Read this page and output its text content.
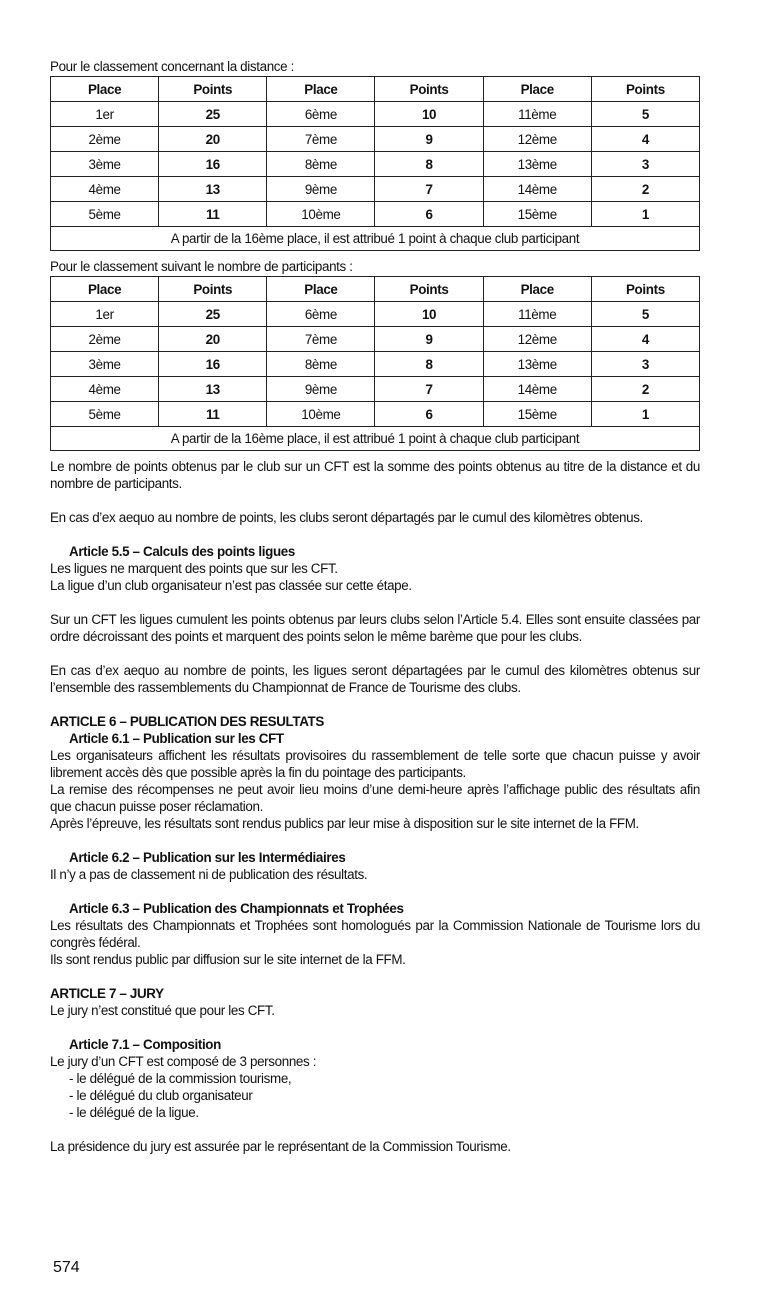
Pour le classement concernant la distance :

Place	Points	Place	Points	Place	Points
1er	25	6ème	10	11ème	5
2ème	20	7ème	9	12ème	4
3ème	16	8ème	8	13ème	3
4ème	13	9ème	7	14ème	2
5ème	11	10ème	6	15ème	1
A partir de la 16ème place, il est attribué 1 point à chaque club participant					

Pour le classement suivant le nombre de participants :

Place	Points	Place	Points	Place	Points
1er	25	6ème	10	11ème	5
2ème	20	7ème	9	12ème	4
3ème	16	8ème	8	13ème	3
4ème	13	9ème	7	14ème	2
5ème	11	10ème	6	15ème	1
A partir de la 16ème place, il est attribué 1 point à chaque club participant					

Le nombre de points obtenus par le club sur un CFT est la somme des points obtenus au titre de la distance et du nombre de participants.

En cas d’ex aequo au nombre de points, les clubs seront départagés par le cumul des kilomètres obtenus.

Article 5.5 – Calculs des points ligues

Les ligues ne marquent des points que sur les CFT.

La ligue d’un club organisateur n’est pas classée sur cette étape.

Sur un CFT les ligues cumulent les points obtenus par leurs clubs selon l’Article 5.4. Elles sont ensuite classées par ordre décroissant des points et marquent des points selon le même barème que pour les clubs.

En cas d’ex aequo au nombre de points, les ligues seront départagées par le cumul des kilomètres obtenus sur l’ensemble des rassemblements du Championnat de France de Tourisme des clubs.

ARTICLE 6 – PUBLICATION DES RESULTATS

Article 6.1 – Publication sur les CFT

Les organisateurs affichent les résultats provisoires du rassemblement de telle sorte que chacun puisse y avoir librement accès dès que possible après la fin du pointage des participants.

La remise des récompenses ne peut avoir lieu moins d’une demi-heure après l’affichage public des résultats afin que chacun puisse poser réclamation.

Après l’épreuve, les résultats sont rendus publics par leur mise à disposition sur le site internet de la FFM.

Article 6.2 – Publication sur les Intermédiaires

Il n’y a pas de classement ni de publication des résultats.

Article 6.3 – Publication des Championnats et Trophées

Les résultats des Championnats et Trophées sont homologués par la Commission Nationale de Tourisme lors du congrès fédéral.

Ils sont rendus public par diffusion sur le site internet de la FFM.

ARTICLE 7 – JURY

Le jury n’est constitué que pour les CFT.

Article 7.1 – Composition

Le jury d’un CFT est composé de 3 personnes :

- le délégué de la commission tourisme,

- le délégué du club organisateur

- le délégué de la ligue.

La présidence du jury est assurée par le représentant de la Commission Tourisme.

574
